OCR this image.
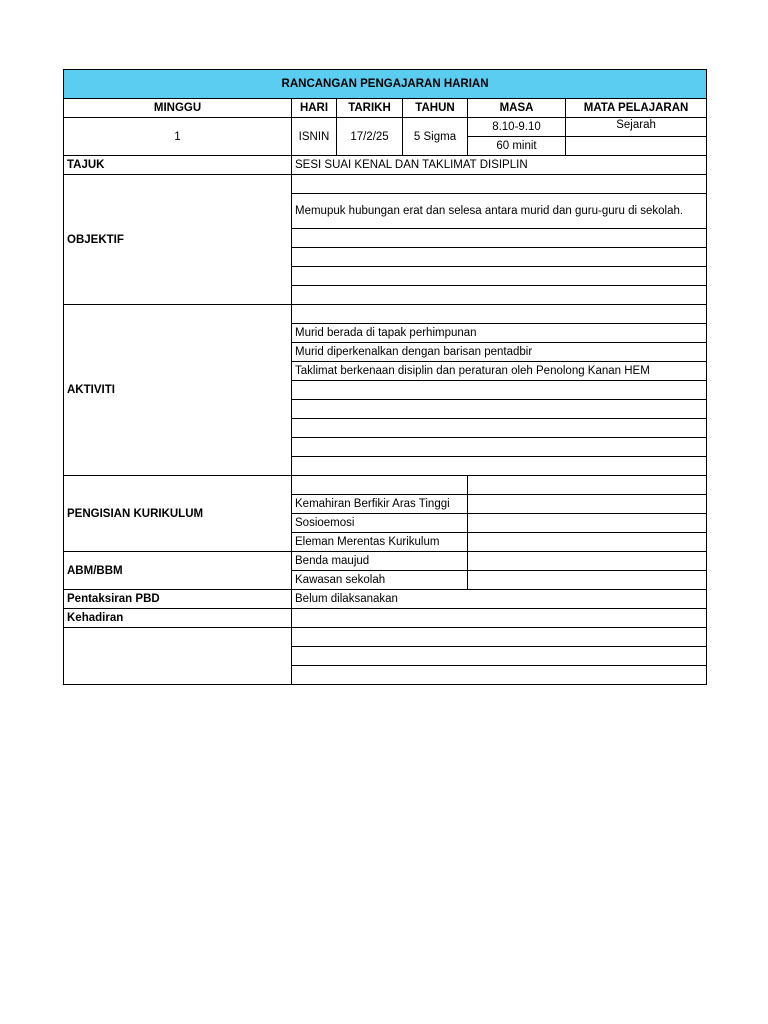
RANCANGAN PENGAJARAN HARIAN					
MINGGU	HARI	TARIKH	TAHUN	MASA	MATA PELAJARAN
1	ISNIN	17/2/25	5 Sigma	8.10-9.10	Sejarah
				60 minit	
TAJUK	SESI SUAI KENAL DAN TAKLIMAT DISIPLIN				
OBJEKTIF					
	Memupuk hubungan erat dan selesa antara murid dan guru-guru di sekolah.				

AKTIVITI					
	Murid berada di tapak perhimpunan				
	Murid diperkenalkan dengan barisan pentadbir				
	Taklimat berkenaan disiplin dan peraturan oleh Penolong Kanan HEM				

PENGISIAN KURIKULUM					
	Kemahiran Berfikir Aras Tinggi				
	Sosioemosi				
	Eleman Merentas Kurikulum				
ABM/BBM	Benda maujud				
	Kawasan sekolah				
Pentaksiran PBD	Belum dilaksanakan				
Kehadiran					
